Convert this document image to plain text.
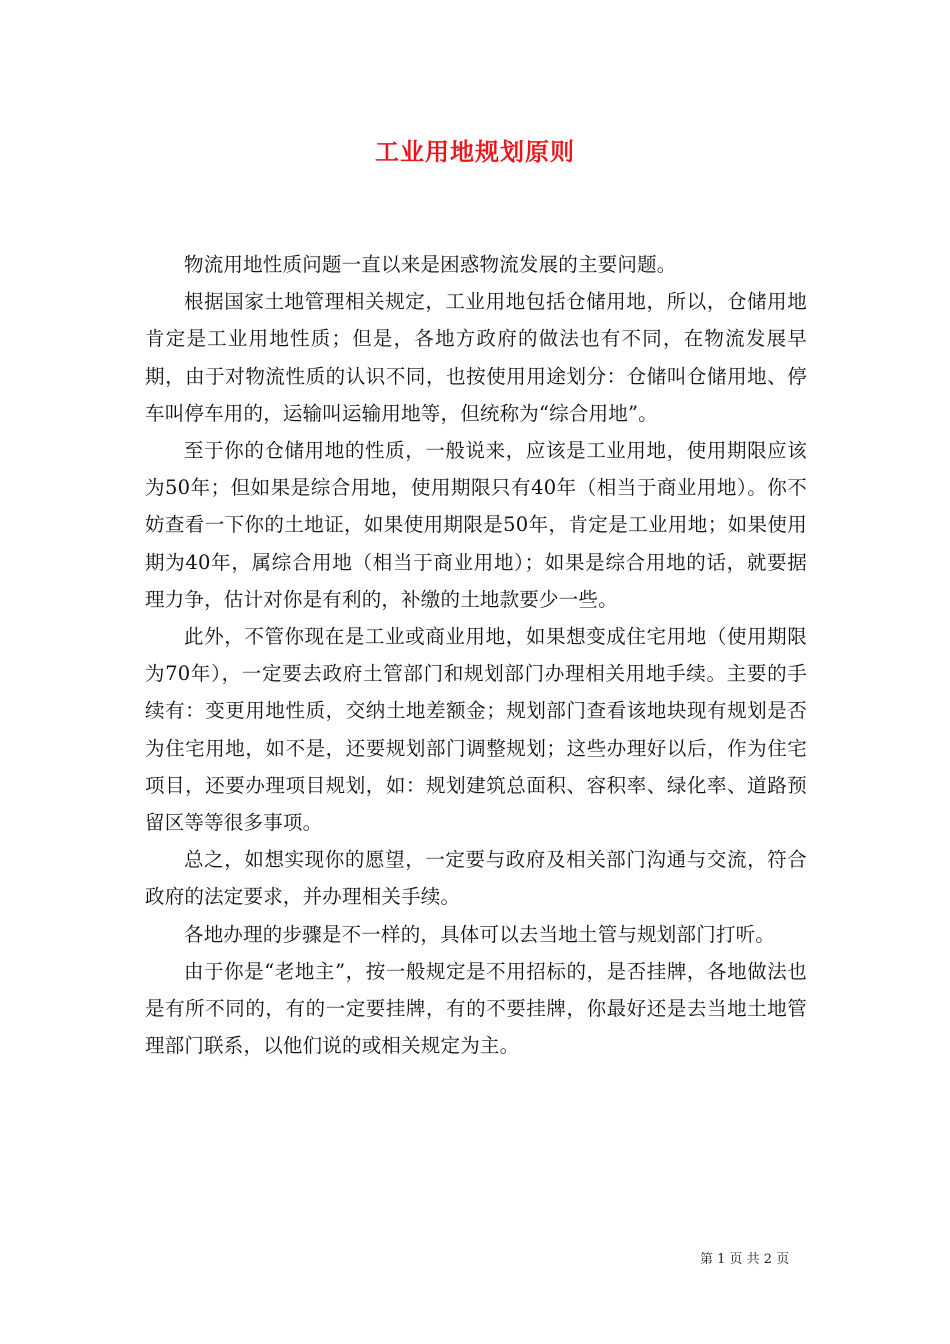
工业用地规划原则

物流用地性质问题一直以来是困惑物流发展的主要问题。

根据国家土地管理相关规定，工业用地包括仓储用地，所以，仓储用地肯定是工业用地性质；但是，各地方政府的做法也有不同，在物流发展早期，由于对物流性质的认识不同，也按使用用途划分：仓储叫仓储用地、停车叫停车用的，运输叫运输用地等，但统称为“综合用地”。

至于你的仓储用地的性质，一般说来，应该是工业用地，使用期限应该为50年；但如果是综合用地，使用期限只有40年（相当于商业用地）。你不妨查看一下你的土地证，如果使用期限是50年，肯定是工业用地；如果使用期为40年，属综合用地（相当于商业用地）；如果是综合用地的话，就要据理力争，估计对你是有利的，补缴的土地款要少一些。

此外，不管你现在是工业或商业用地，如果想变成住宅用地（使用期限为70年），一定要去政府土管部门和规划部门办理相关用地手续。主要的手续有：变更用地性质，交纳土地差额金；规划部门查看该地块现有规划是否为住宅用地，如不是，还要规划部门调整规划；这些办理好以后，作为住宅项目，还要办理项目规划，如：规划建筑总面积、容积率、绿化率、道路预留区等等很多事项。

总之，如想实现你的愿望，一定要与政府及相关部门沟通与交流，符合政府的法定要求，并办理相关手续。

各地办理的步骤是不一样的，具体可以去当地土管与规划部门打听。

由于你是“老地主”，按一般规定是不用招标的，是否挂牌，各地做法也是有所不同的，有的一定要挂牌，有的不要挂牌，你最好还是去当地土地管理部门联系，以他们说的或相关规定为主。

第 1 页 共 2 页
